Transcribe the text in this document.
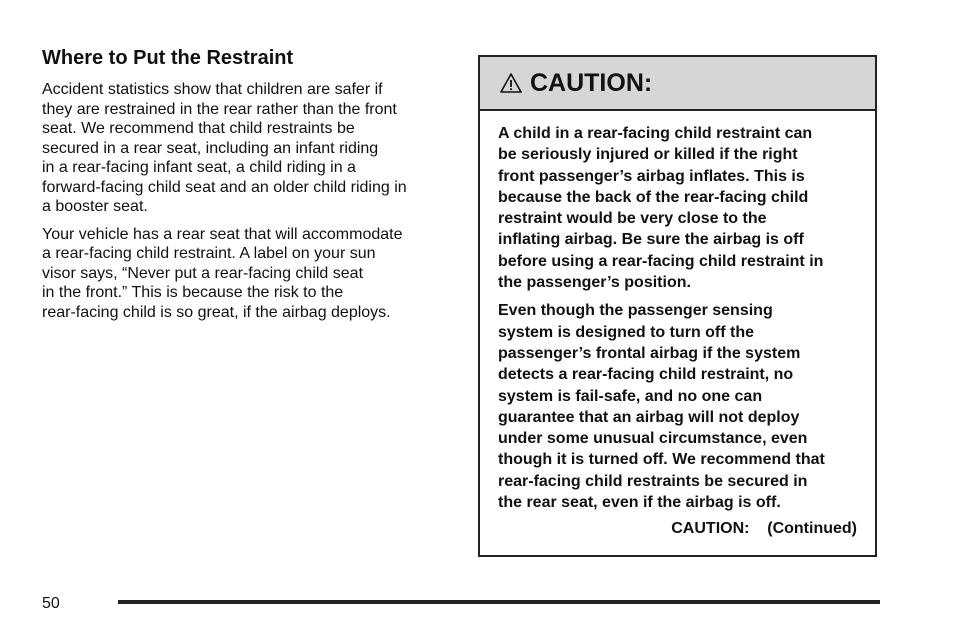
Where to Put the Restraint
Accident statistics show that children are safer if
they are restrained in the rear rather than the front
seat. We recommend that child restraints be
secured in a rear seat, including an infant riding
in a rear-facing infant seat, a child riding in a
forward-facing child seat and an older child riding in
a booster seat.
Your vehicle has a rear seat that will accommodate
a rear-facing child restraint. A label on your sun
visor says, “Never put a rear-facing child seat
in the front.” This is because the risk to the
rear-facing child is so great, if the airbag deploys.
CAUTION:
A child in a rear-facing child restraint can
be seriously injured or killed if the right
front passenger’s airbag inflates. This is
because the back of the rear-facing child
restraint would be very close to the
inflating airbag. Be sure the airbag is off
before using a rear-facing child restraint in
the passenger’s position.
Even though the passenger sensing
system is designed to turn off the
passenger’s frontal airbag if the system
detects a rear-facing child restraint, no
system is fail-safe, and no one can
guarantee that an airbag will not deploy
under some unusual circumstance, even
though it is turned off. We recommend that
rear-facing child restraints be secured in
the rear seat, even if the airbag is off.
CAUTION:    (Continued)
50
